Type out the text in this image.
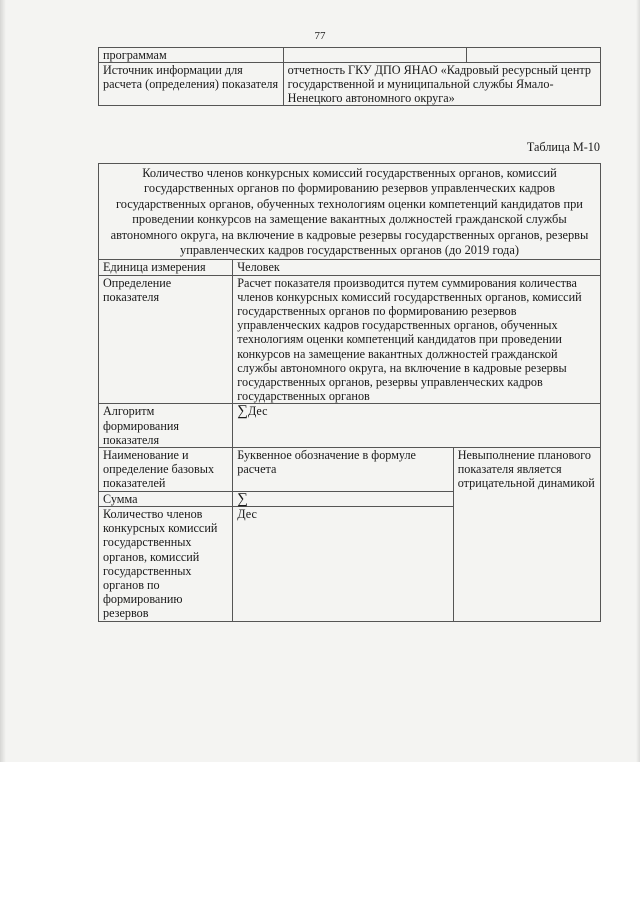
77
программам		
Источник информации для расчета (определения) показателя	отчетность ГКУ ДПО ЯНАО «Кадровый ресурсный центр государственной и муниципальной службы Ямало-Ненецкого автономного округа»	
Таблица М-10
Количество членов конкурсных комиссий государственных органов, комиссий государственных органов по формированию резервов управленческих кадров государственных органов, обученных технологиям оценки компетенций кандидатов при проведении конкурсов на замещение вакантных должностей гражданской службы автономного округа, на включение в кадровые резервы государственных органов, резервы управленческих кадров государственных органов (до 2019 года)		
Единица измерения	Человек	
Определение показателя	Расчет показателя производится путем суммирования количества членов конкурсных комиссий государственных органов, комиссий государственных органов по формированию резервов управленческих кадров государственных органов, обученных технологиям оценки компетенций кандидатов при проведении конкурсов на замещение вакантных должностей гражданской службы автономного округа, на включение в кадровые резервы государственных органов, резервы управленческих кадров государственных органов	
Алгоритм формирования показателя	∑Дес	
Наименование и определение базовых показателей	Буквенное обозначение в формуле расчета	Невыполнение планового показателя является отрицательной динамикой
Сумма	∑	
Количество членов конкурсных комиссий государственных органов, комиссий государственных органов по формированию резервов	Дес	
